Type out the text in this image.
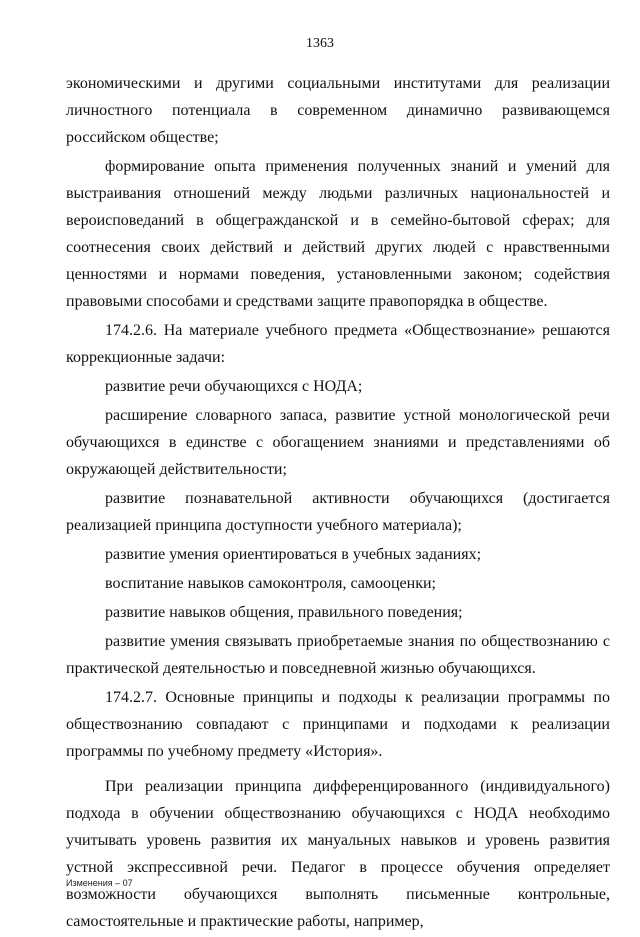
1363

экономическими и другими социальными институтами для реализации личностного потенциала в современном динамично развивающемся российском обществе;

формирование опыта применения полученных знаний и умений для выстраивания отношений между людьми различных национальностей и вероисповеданий в общегражданской и в семейно-бытовой сферах; для соотнесения своих действий и действий других людей с нравственными ценностями и нормами поведения, установленными законом; содействия правовыми способами и средствами защите правопорядка в обществе.

174.2.6. На материале учебного предмета «Обществознание» решаются коррекционные задачи:

развитие речи обучающихся с НОДА;

расширение словарного запаса, развитие устной монологической речи обучающихся в единстве с обогащением знаниями и представлениями об окружающей действительности;

развитие познавательной активности обучающихся (достигается реализацией принципа доступности учебного материала);

развитие умения ориентироваться в учебных заданиях;

воспитание навыков самоконтроля, самооценки;

развитие навыков общения, правильного поведения;

развитие умения связывать приобретаемые знания по обществознанию с практической деятельностью и повседневной жизнью обучающихся.

174.2.7. Основные принципы и подходы к реализации программы по обществознанию совпадают с принципами и подходами к реализации программы по учебному предмету «История».

При реализации принципа дифференцированного (индивидуального) подхода в обучении обществознанию обучающихся с НОДА необходимо учитывать уровень развития их мануальных навыков и уровень развития устной экспрессивной речи. Педагог в процессе обучения определяет возможности обучающихся выполнять письменные контрольные, самостоятельные и практические работы, например,

Изменения – 07
